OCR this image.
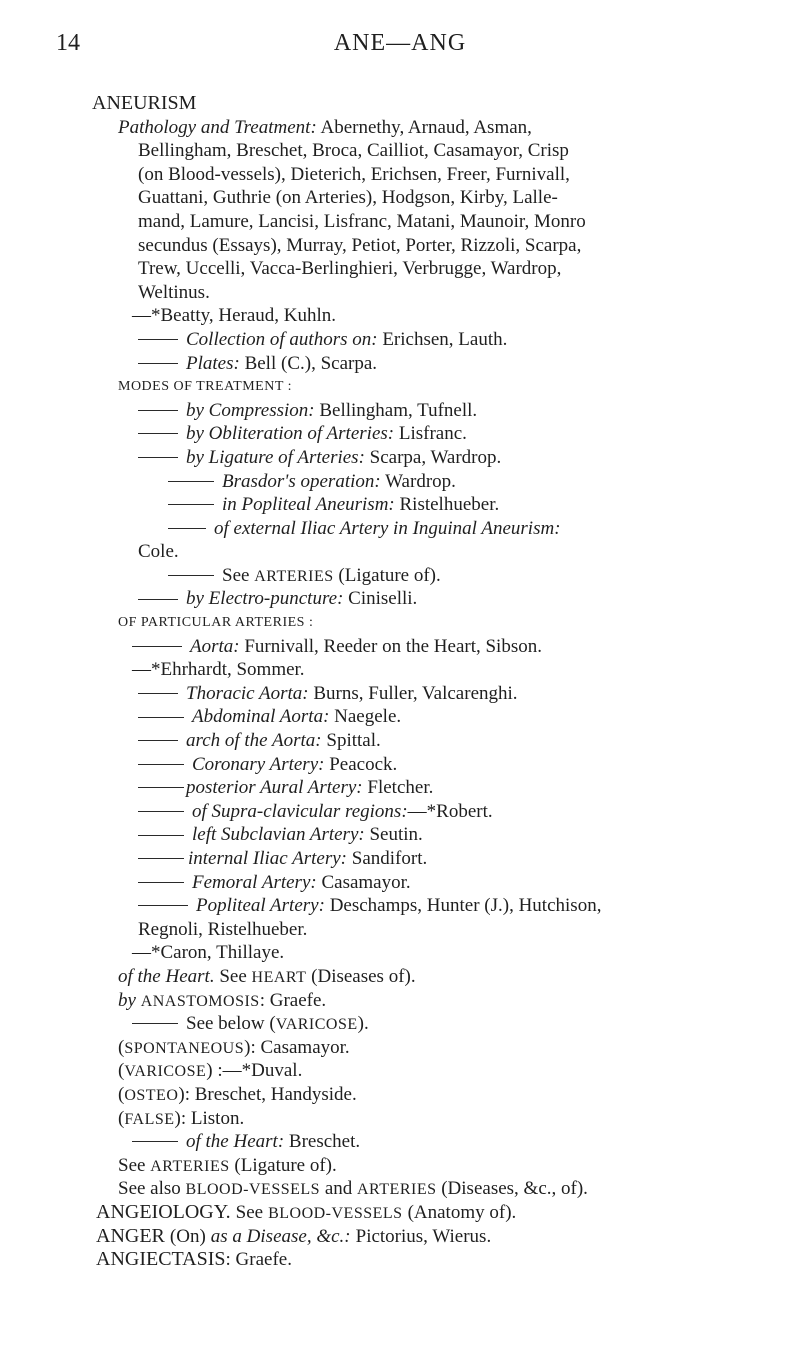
14	ANE—ANG
ANEURISM
Pathology and Treatment: Abernethy, Arnaud, Asman,
Bellingham, Breschet, Broca, Cailliot, Casamayor, Crisp
(on Blood-vessels), Dieterich, Erichsen, Freer, Furnivall,
Guattani, Guthrie (on Arteries), Hodgson, Kirby, Lalle-
mand, Lamure, Lancisi, Lisfranc, Matani, Maunoir, Monro
secundus (Essays), Murray, Petiot, Porter, Rizzoli, Scarpa,
Trew, Uccelli, Vacca-Berlinghieri, Verbrugge, Wardrop,
Weltinus.
—*Beatty, Heraud, Kuhln.
Collection of authors on: Erichsen, Lauth.
Plates: Bell (C.), Scarpa.
MODES OF TREATMENT :
by Compression: Bellingham, Tufnell.
by Obliteration of Arteries: Lisfranc.
by Ligature of Arteries: Scarpa, Wardrop.
Brasdor's operation: Wardrop.
in Popliteal Aneurism: Ristelhueber.
of external Iliac Artery in Inguinal Aneurism:
Cole.
See ARTERIES (Ligature of).
by Electro-puncture: Ciniselli.
OF PARTICULAR ARTERIES :
Aorta: Furnivall, Reeder on the Heart, Sibson.
—*Ehrhardt, Sommer.
Thoracic Aorta: Burns, Fuller, Valcarenghi.
Abdominal Aorta: Naegele.
arch of the Aorta: Spittal.
Coronary Artery: Peacock.
posterior Aural Artery: Fletcher.
of Supra-clavicular regions:—*Robert.
left Subclavian Artery: Seutin.
internal Iliac Artery: Sandifort.
Femoral Artery: Casamayor.
Popliteal Artery: Deschamps, Hunter (J.), Hutchison,
Regnoli, Ristelhueber.
—*Caron, Thillaye.
of the Heart. See HEART (Diseases of).
by ANASTOMOSIS: Graefe.
See below (VARICOSE).
(SPONTANEOUS): Casamayor.
(VARICOSE) :—*Duval.
(OSTEO): Breschet, Handyside.
(FALSE): Liston.
of the Heart: Breschet.
See ARTERIES (Ligature of).
See also BLOOD-VESSELS and ARTERIES (Diseases, &c., of).
ANGEIOLOGY. See BLOOD-VESSELS (Anatomy of).
ANGER (On) as a Disease, &c.: Pictorius, Wierus.
ANGIECTASIS: Graefe.
